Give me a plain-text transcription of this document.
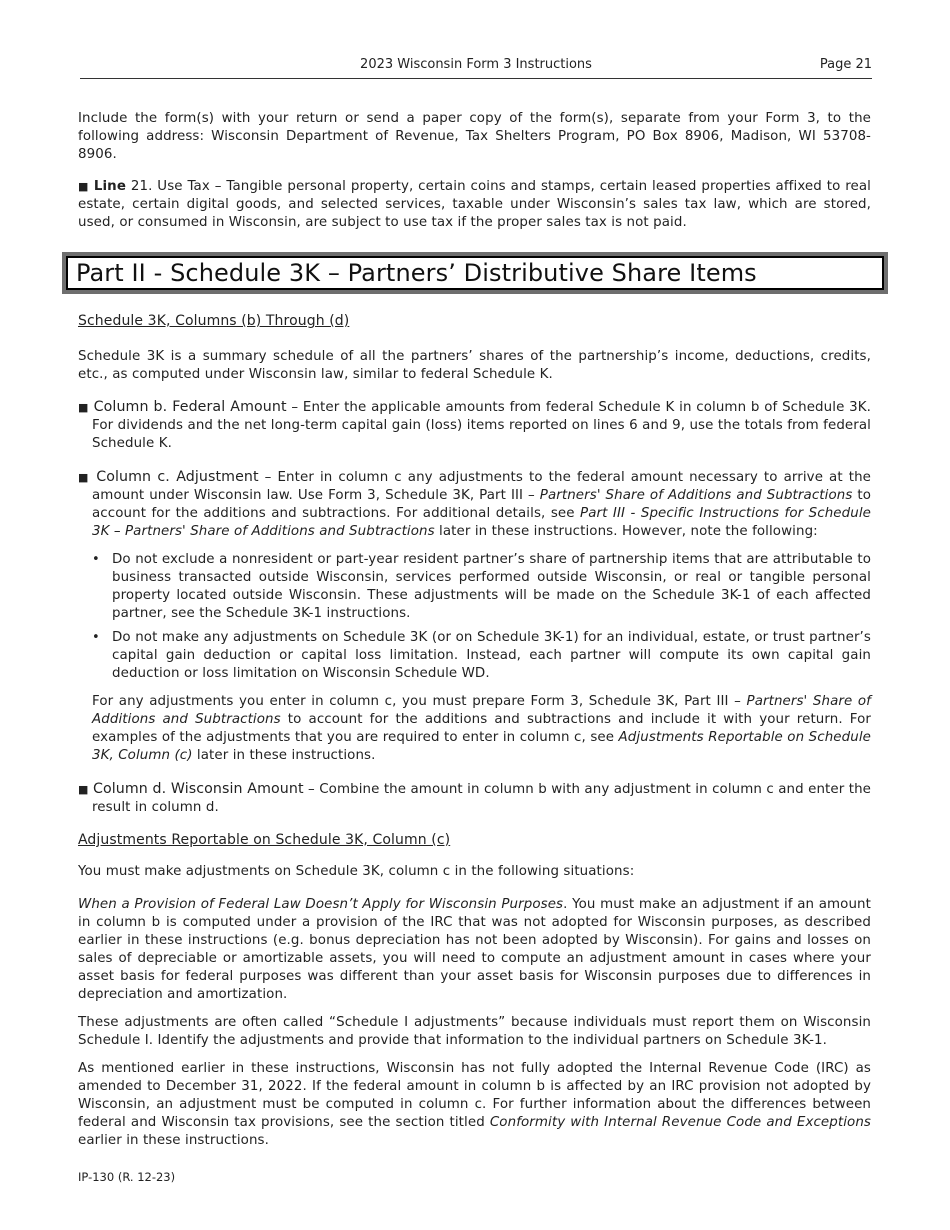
2023 Wisconsin Form 3 Instructions	Page 21

Include the form(s) with your return or send a paper copy of the form(s), separate from your Form 3, to the following address: Wisconsin Department of Revenue, Tax Shelters Program, PO Box 8906, Madison, WI 53708-8906.

■ Line 21. Use Tax – Tangible personal property, certain coins and stamps, certain leased properties affixed to real estate, certain digital goods, and selected services, taxable under Wisconsin’s sales tax law, which are stored, used, or consumed in Wisconsin, are subject to use tax if the proper sales tax is not paid.

Part II - Schedule 3K – Partners’ Distributive Share Items

Schedule 3K, Columns (b) Through (d)

Schedule 3K is a summary schedule of all the partners’ shares of the partnership’s income, deductions, credits, etc., as computed under Wisconsin law, similar to federal Schedule K.

■ Column b. Federal Amount – Enter the applicable amounts from federal Schedule K in column b of Schedule 3K. For dividends and the net long-term capital gain (loss) items reported on lines 6 and 9, use the totals from federal Schedule K.

■ Column c. Adjustment – Enter in column c any adjustments to the federal amount necessary to arrive at the amount under Wisconsin law. Use Form 3, Schedule 3K, Part III – Partners' Share of Additions and Subtractions to account for the additions and subtractions. For additional details, see Part III - Specific Instructions for Schedule 3K – Partners' Share of Additions and Subtractions later in these instructions. However, note the following:

• Do not exclude a nonresident or part-year resident partner’s share of partnership items that are attributable to business transacted outside Wisconsin, services performed outside Wisconsin, or real or tangible personal property located outside Wisconsin. These adjustments will be made on the Schedule 3K-1 of each affected partner, see the Schedule 3K-1 instructions.
• Do not make any adjustments on Schedule 3K (or on Schedule 3K-1) for an individual, estate, or trust partner’s capital gain deduction or capital loss limitation. Instead, each partner will compute its own capital gain deduction or loss limitation on Wisconsin Schedule WD.

For any adjustments you enter in column c, you must prepare Form 3, Schedule 3K, Part III – Partners' Share of Additions and Subtractions to account for the additions and subtractions and include it with your return. For examples of the adjustments that you are required to enter in column c, see Adjustments Reportable on Schedule 3K, Column (c) later in these instructions.

■ Column d. Wisconsin Amount – Combine the amount in column b with any adjustment in column c and enter the result in column d.

Adjustments Reportable on Schedule 3K, Column (c)

You must make adjustments on Schedule 3K, column c in the following situations:

When a Provision of Federal Law Doesn’t Apply for Wisconsin Purposes. You must make an adjustment if an amount in column b is computed under a provision of the IRC that was not adopted for Wisconsin purposes, as described earlier in these instructions (e.g. bonus depreciation has not been adopted by Wisconsin). For gains and losses on sales of depreciable or amortizable assets, you will need to compute an adjustment amount in cases where your asset basis for federal purposes was different than your asset basis for Wisconsin purposes due to differences in depreciation and amortization.

These adjustments are often called “Schedule I adjustments” because individuals must report them on Wisconsin Schedule I. Identify the adjustments and provide that information to the individual partners on Schedule 3K-1.

As mentioned earlier in these instructions, Wisconsin has not fully adopted the Internal Revenue Code (IRC) as amended to December 31, 2022. If the federal amount in column b is affected by an IRC provision not adopted by Wisconsin, an adjustment must be computed in column c. For further information about the differences between federal and Wisconsin tax provisions, see the section titled Conformity with Internal Revenue Code and Exceptions earlier in these instructions.

IP-130 (R. 12-23)
